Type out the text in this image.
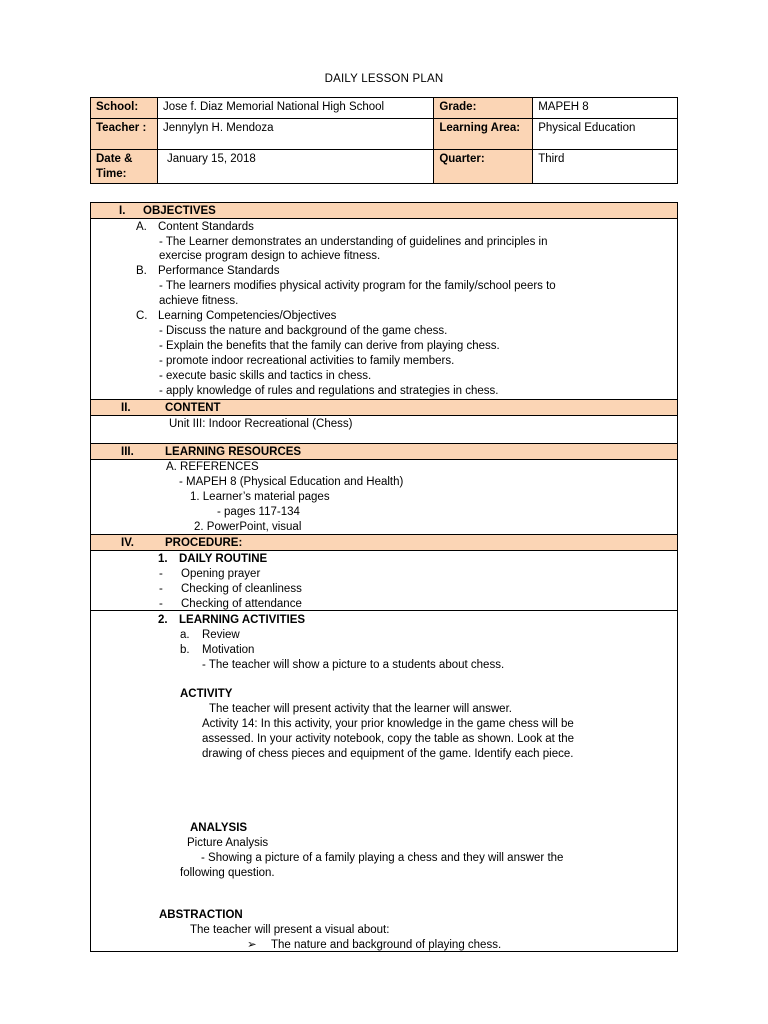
DAILY LESSON PLAN
School:	Jose f. Diaz Memorial National High School	Grade:	MAPEH 8
Teacher :	Jennylyn H. Mendoza	Learning Area:	Physical Education
Date & Time:	January 15, 2018	Quarter:	Third
I. OBJECTIVES

A. Content Standards
- The Learner demonstrates an understanding of guidelines and principles in
exercise program design to achieve fitness.
B. Performance Standards
- The learners modifies physical activity program for the family/school peers to
achieve fitness.
C. Learning Competencies/Objectives
- Discuss the nature and background of the game chess.
- Explain the benefits that the family can derive from playing chess.
- promote indoor recreational activities to family members.
- execute basic skills and tactics in chess.
- apply knowledge of rules and regulations and strategies in chess.

II.	CONTENT

Unit III: Indoor Recreational (Chess)

III.	LEARNING RESOURCES

A. REFERENCES
- MAPEH 8 (Physical Education and Health)
1. Learner’s material pages
- pages 117-134
2. PowerPoint, visual

IV.	PROCEDURE:

1. DAILY ROUTINE
- Opening prayer
- Checking of cleanliness
- Checking of attendance

2. LEARNING ACTIVITIES
a. Review
b. Motivation
- The teacher will show a picture to a students about chess.
ACTIVITY
The teacher will present activity that the learner will answer.
Activity 14: In this activity, your prior knowledge in the game chess will be
assessed. In your activity notebook, copy the table as shown. Look at the
drawing of chess pieces and equipment of the game. Identify each piece.
ANALYSIS
Picture Analysis
- Showing a picture of a family playing a chess and they will answer the
following question.
ABSTRACTION
The teacher will present a visual about:
➢ The nature and background of playing chess.
